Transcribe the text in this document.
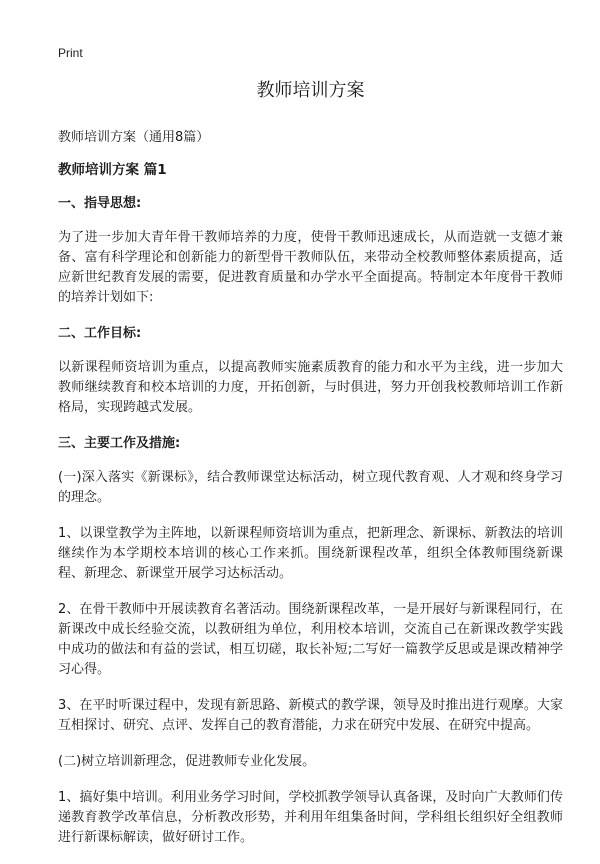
Print
教师培训方案

教师培训方案（通用8篇）

教师培训方案 篇1

一、指导思想:

为了进一步加大青年骨干教师培养的力度，使骨干教师迅速成长，从而造就一支德才兼备、富有科学理论和创新能力的新型骨干教师队伍，来带动全校教师整体素质提高，适应新世纪教育发展的需要，促进教育质量和办学水平全面提高。特制定本年度骨干教师的培养计划如下:

二、工作目标:

以新课程师资培训为重点，以提高教师实施素质教育的能力和水平为主线，进一步加大教师继续教育和校本培训的力度，开拓创新，与时俱进，努力开创我校教师培训工作新格局，实现跨越式发展。

三、主要工作及措施:

(一)深入落实《新课标》，结合教师课堂达标活动，树立现代教育观、人才观和终身学习的理念。

1、以课堂教学为主阵地，以新课程师资培训为重点，把新理念、新课标、新教法的培训继续作为本学期校本培训的核心工作来抓。围绕新课程改革，组织全体教师围绕新课程、新理念、新课堂开展学习达标活动。

2、在骨干教师中开展读教育名著活动。围绕新课程改革，一是开展好与新课程同行，在新课改中成长经验交流，以教研组为单位，利用校本培训，交流自己在新课改教学实践中成功的做法和有益的尝试，相互切磋，取长补短;二写好一篇教学反思或是课改精神学习心得。

3、在平时听课过程中，发现有新思路、新模式的教学课，领导及时推出进行观摩。大家互相探讨、研究、点评、发挥自己的教育潜能，力求在研究中发展、在研究中提高。

(二)树立培训新理念，促进教师专业化发展。

1、搞好集中培训。利用业务学习时间，学校抓教学领导认真备课，及时向广大教师们传递教育教学改革信息，分析教改形势，并利用年组集备时间，学科组长组织好全组教师进行新课标解读，做好研讨工作。
